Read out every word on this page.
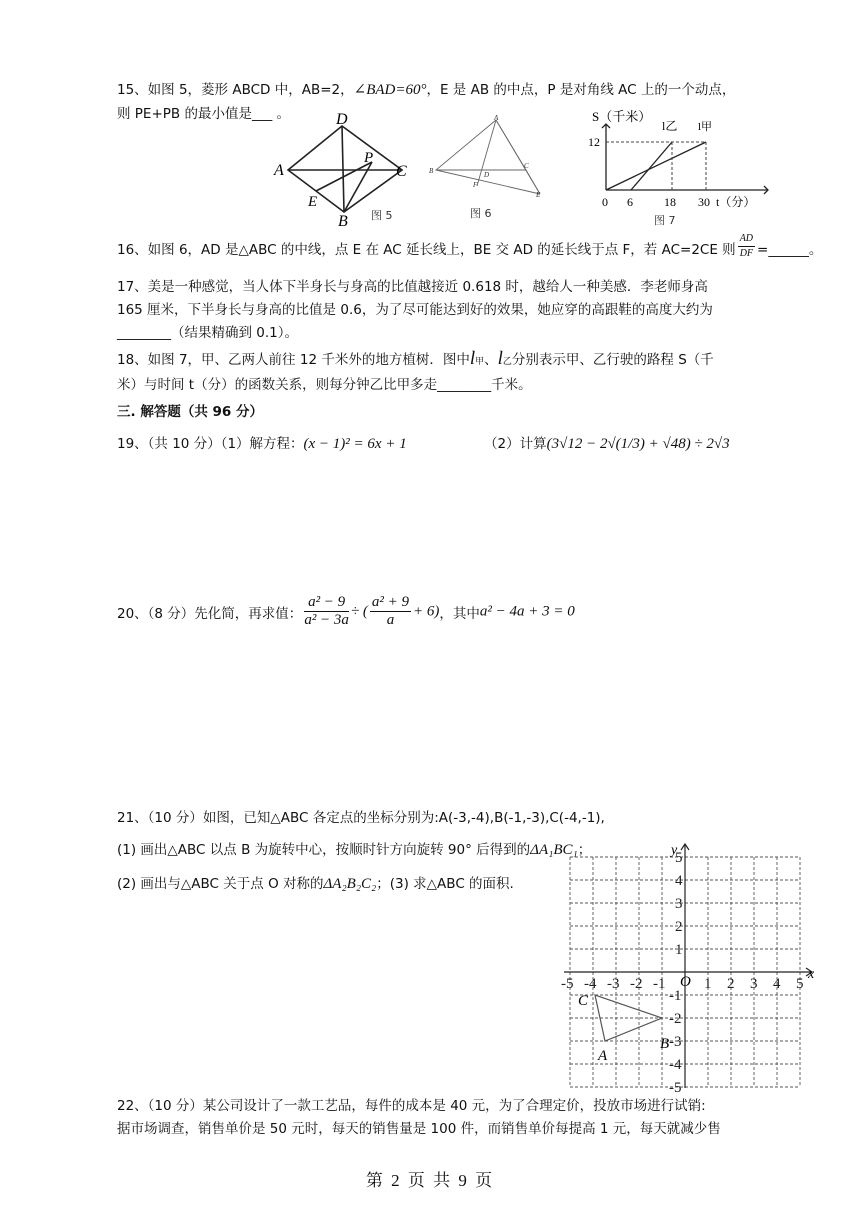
15、如图 5，菱形 ABCD 中，AB=2，∠BAD=60°，E 是 AB 的中点，P 是对角线 AC 上的一个动点，
则 PE+PB 的最小值是___ 。
A
D
C
P
E
B 图 5
A
B
C
D
F
E
图 6
S（千米）
12
l乙 l甲
0 6	18 30 t（分）
图 7
16、如图 6，AD 是△ABC 的中线，点 E 在 AC 延长线上，BE 交 AD 的延长线于点 F，若 AC=2CE 则 $\frac{AD}{DF}$ =______。
17、美是一种感觉，当人体下半身长与身高的比值越接近 0.618 时，越给人一种美感．李老师身高
165 厘米，下半身长与身高的比值是 0.6，为了尽可能达到好的效果，她应穿的高跟鞋的高度大约为
________（结果精确到 0.1）。
18、如图 7，甲、乙两人前往 12 千米外的地方植树．图中l甲、l乙分别表示甲、乙行驶的路程 S（千
米）与时间 t（分）的函数关系，则每分钟乙比甲多走________千米。
三. 解答题（共 96 分）
19、（共 10 分）（1）解方程：(x − 1)² = 6x + 1	（2）计算(3√12 − 2√(1/3) + √48) ÷ 2√3
20、（8 分）先化简，再求值： $\frac{\text{a² − 9}}{\text{a² − 3a}}$ ÷ ( $\frac{\text{a² + 9}}{a} + 6$)，其中a² − 4a + 3 = 0
21、（10 分）如图，已知△ABC 各定点的坐标分别为:A(-3,-4),B(-1,-3),C(-4,-1),
(1) 画出△ABC 以点 B 为旋转中心，按顺时针方向旋转 90° 后得到的ΔA₁BC₁；
(2) 画出与△ABC 关于点 O 对称的ΔA₂B₂C₂；(3) 求△ABC 的面积.
-5 -4 -3 -2 -1	1 2 3 4 5
5
4
3
2
1
-1
-2
-3
-4
-5
x
y
O
C
A
B
22、（10 分）某公司设计了一款工艺品，每件的成本是 40 元，为了合理定价，投放市场进行试销:
据市场调查，销售单价是 50 元时，每天的销售量是 100 件，而销售单价每提高 1 元，每天就减少售
第 2 页 共 9 页
